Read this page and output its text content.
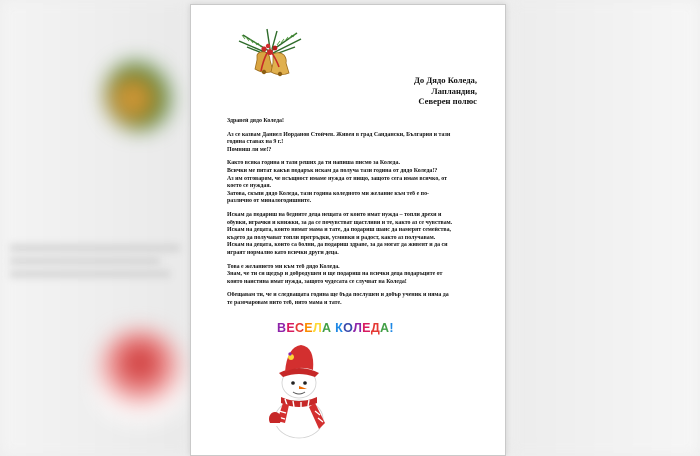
До Дядо Коледа,
Лапландия,
Северен полюс

Здравей дядо Коледа!

Аз се казвам Даниел Йорданов Стойчев. Живея в град Сандански, България и тази
година ставах на 9 г.!
Помниш ли ме!?

Както всяка година и тази реших да ти напиша писмо за Коледа.
Всички ме питат какъв подарък искам да получа тази година от дядо Коледа!?
Аз им отговарям, че всъщност имаме нужда от нищо, защото сега имам всичко, от
което се нуждая.
Затова, скъпи дядо Коледа, тази година коледното ми желание към теб е по-
различно от миналогодишните.

Искам да подариш на бедните деца нещата от които имат нужда – топли дрехи и
обувки, играчки и книжки, за да се почувстват щастливи и те, както аз се чувствам.
Искам на децата, които нямат мама и тате, да подариш шанс да намерят семейства,
където да получават топли прегръдки, усмивки и радост, както аз получавам.
Искам на децата, които са болни, да подариш здраве, за да могат да живеят и да си
играят нормално като всички други деца.

Това е желанието ми към теб дядо Коледа.
Знам, че ти си щедър и добродушен и ще подариш на всички деца подаръците от
които наистина имат нужда, защото чудесата се случват на Коледа!

Обещавам ти, че и следващата година ще бъда послушен и добър ученик и няма да
те разочаровам нито теб, нито мама и тате.

ВЕСЕЛА КОЛЕДА!
